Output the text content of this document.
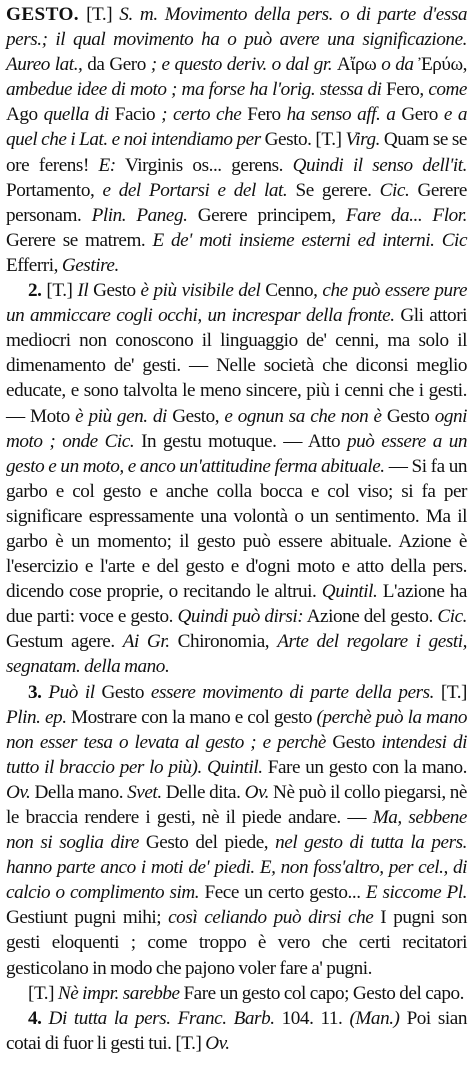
GESTO. [T.] S. m. Movimento della pers. o di parte d'essa pers.; il qual movimento ha o può avere una significazione. Aureo lat., da Gero ; e questo deriv. o dal gr. Αἴρω o da Ἐρύω, ambedue idee di moto ; ma forse ha l'orig. stessa di Fero, come Ago quella di Facio ; certo che Fero ha senso aff. a Gero e a quel che i Lat. e noi intendiamo per Gesto. [T.] Virg. Quam se se ore ferens! E: Virginis os... gerens. Quindi il senso dell'it. Portamento, e del Portarsi e del lat. Se gerere. Cic. Gerere personam. Plin. Paneg. Gerere principem, Fare da... Flor. Gerere se matrem. E de' moti insieme esterni ed interni. Cic Efferri, Gestire.

2. [T.] Il Gesto è più visibile del Cenno, che può essere pure un ammiccare cogli occhi, un increspar della fronte. Gli attori mediocri non conoscono il linguaggio de' cenni, ma solo il dimenamento de' gesti. — Nelle società che diconsi meglio educate, e sono talvolta le meno sincere, più i cenni che i gesti. — Moto è più gen. di Gesto, e ognun sa che non è Gesto ogni moto ; onde Cic. In gestu motuque. — Atto può essere a un gesto e un moto, e anco un'attitudine ferma abituale. — Si fa un garbo e col gesto e anche colla bocca e col viso; si fa per significare espressamente una volontà o un sentimento. Ma il garbo è un momento; il gesto può essere abituale. Azione è l'esercizio e l'arte e del gesto e d'ogni moto e atto della pers. dicendo cose proprie, o recitando le altrui. Quintil. L'azione ha due parti: voce e gesto. Quindi può dirsi: Azione del gesto. Cic. Gestum agere. Ai Gr. Chironomia, Arte del regolare i gesti, segnatam. della mano.

3. Può il Gesto essere movimento di parte della pers. [T.] Plin. ep. Mostrare con la mano e col gesto (perchè può la mano non esser tesa o levata al gesto ; e perchè Gesto intendesi di tutto il braccio per lo più). Quintil. Fare un gesto con la mano. Ov. Della mano. Svet. Delle dita. Ov. Nè può il collo piegarsi, nè le braccia rendere i gesti, nè il piede andare. — Ma, sebbene non si soglia dire Gesto del piede, nel gesto di tutta la pers. hanno parte anco i moti de' piedi. E, non foss'altro, per cel., di calcio o complimento sim. Fece un certo gesto... E siccome Pl. Gestiunt pugni mihi; così celiando può dirsi che I pugni son gesti eloquenti ; come troppo è vero che certi recitatori gesticolano in modo che pajono voler fare a' pugni.

[T.] Nè impr. sarebbe Fare un gesto col capo; Gesto del capo.

4. Di tutta la pers. Franc. Barb. 104. 11. (Man.) Poi sian cotai di fuor li gesti tui. [T.] Ov.
